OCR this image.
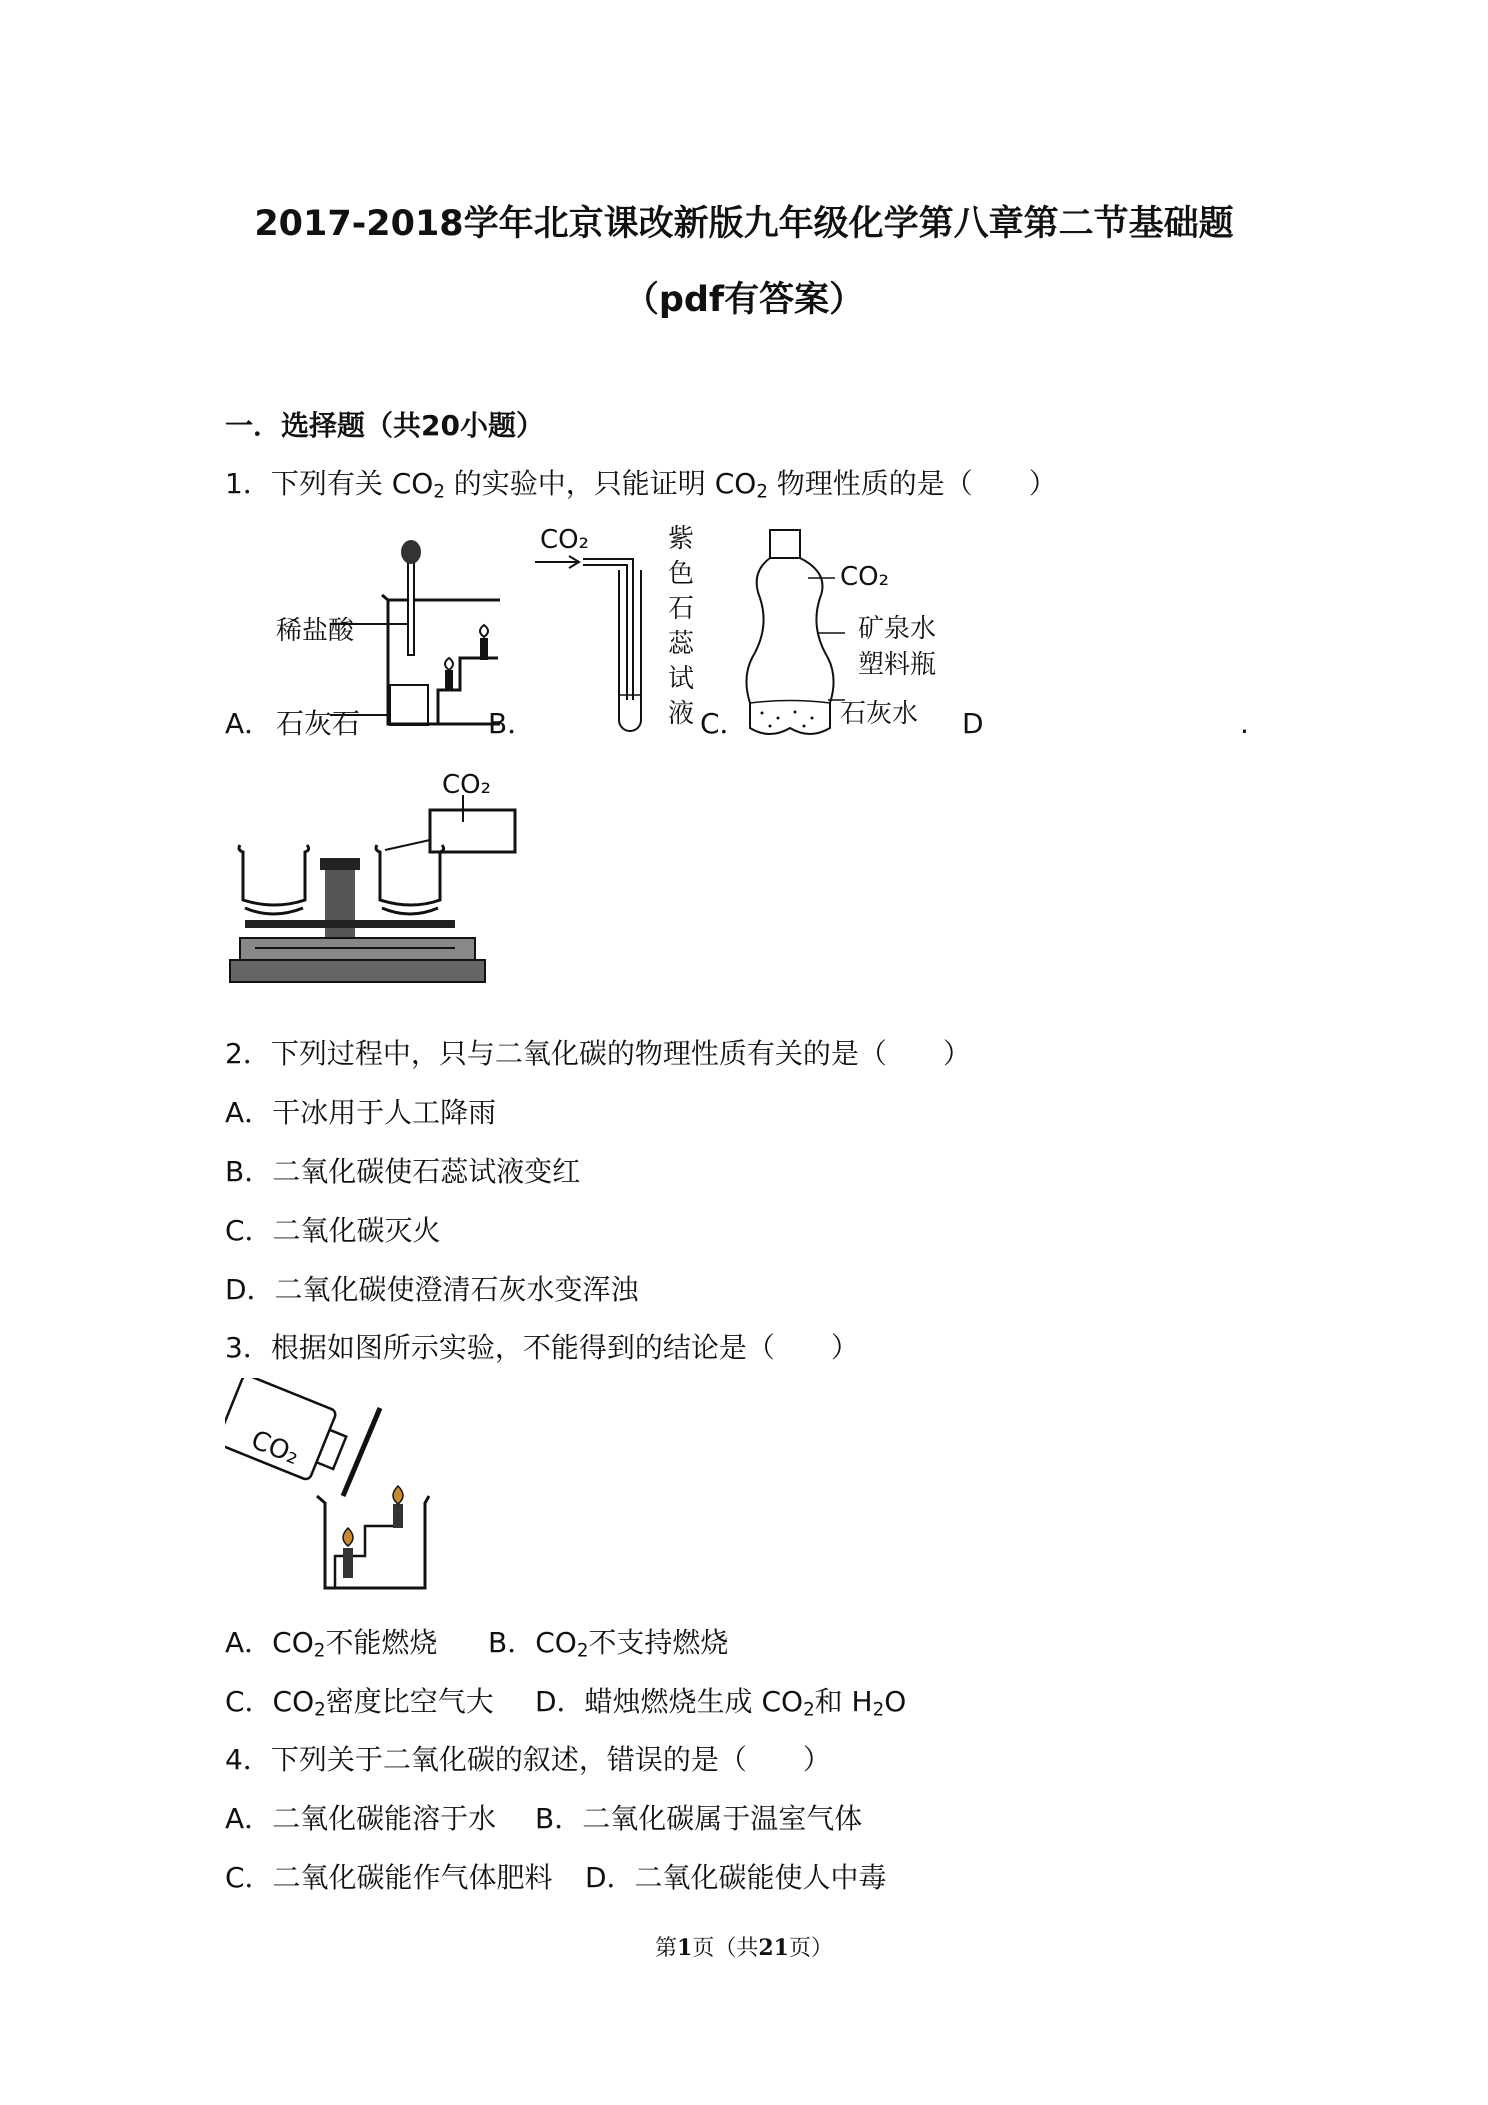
2017-2018学年北京课改新版九年级化学第八章第二节基础题
（pdf有答案）
一．选择题（共20小题）
1．下列有关 $CO_2$ 的实验中，只能证明 $CO_2$ 物理性质的是（　　）
A．	B．	C．	D	.
稀盐酸
石灰石
CO₂	紫
色
石
蕊
试
液
CO₂
矿泉水
塑料瓶
石灰水
CO₂
2．下列过程中，只与二氧化碳的物理性质有关的是（　　）
A．干冰用于人工降雨
B．二氧化碳使石蕊试液变红
C．二氧化碳灭火
D．二氧化碳使澄清石灰水变浑浊
3．根据如图所示实验，不能得到的结论是（　　）
CO₂
A．$CO_2$不能燃烧 B．$CO_2$不支持燃烧
C．$CO_2$密度比空气大 D．蜡烛燃烧生成 $CO_2$和 $H_2O$
4．下列关于二氧化碳的叙述，错误的是（　　）
A．二氧化碳能溶于水 B．二氧化碳属于温室气体
C．二氧化碳能作气体肥料 D．二氧化碳能使人中毒
第1页（共21页）
